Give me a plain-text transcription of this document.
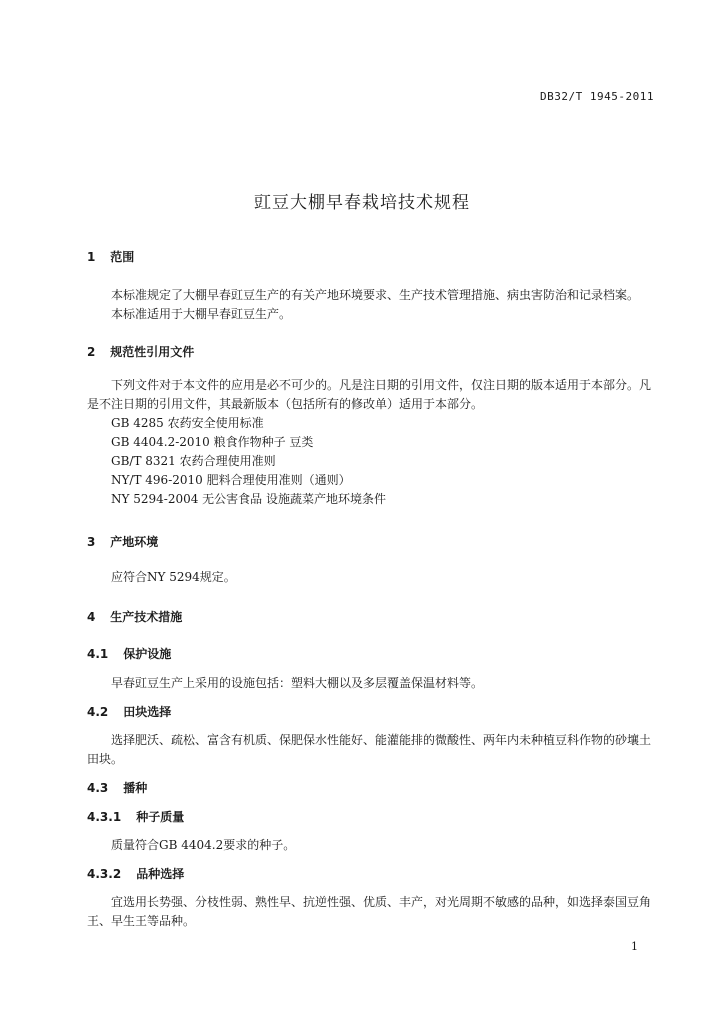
DB32/T 1945-2011
豇豆大棚早春栽培技术规程
1 范围

本标准规定了大棚早春豇豆生产的有关产地环境要求、生产技术管理措施、病虫害防治和记录档案。

本标准适用于大棚早春豇豆生产。

2 规范性引用文件

下列文件对于本文件的应用是必不可少的。凡是注日期的引用文件，仅注日期的版本适用于本部分。凡是不注日期的引用文件，其最新版本（包括所有的修改单）适用于本部分。

GB 4285 农药安全使用标准
GB 4404.2-2010 粮食作物种子 豆类
GB/T 8321 农药合理使用准则
NY/T 496-2010 肥料合理使用准则（通则）
NY 5294-2004 无公害食品 设施蔬菜产地环境条件
3 产地环境

应符合NY 5294规定。

4 生产技术措施
4.1 保护设施

早春豇豆生产上采用的设施包括：塑料大棚以及多层覆盖保温材料等。

4.2 田块选择

选择肥沃、疏松、富含有机质、保肥保水性能好、能灌能排的微酸性、两年内未种植豆科作物的砂壤土田块。

4.3 播种
4.3.1 种子质量

质量符合GB 4404.2要求的种子。

4.3.2 品种选择

宜选用长势强、分枝性弱、熟性早、抗逆性强、优质、丰产，对光周期不敏感的品种，如选择泰国豆角王、早生王等品种。

1
